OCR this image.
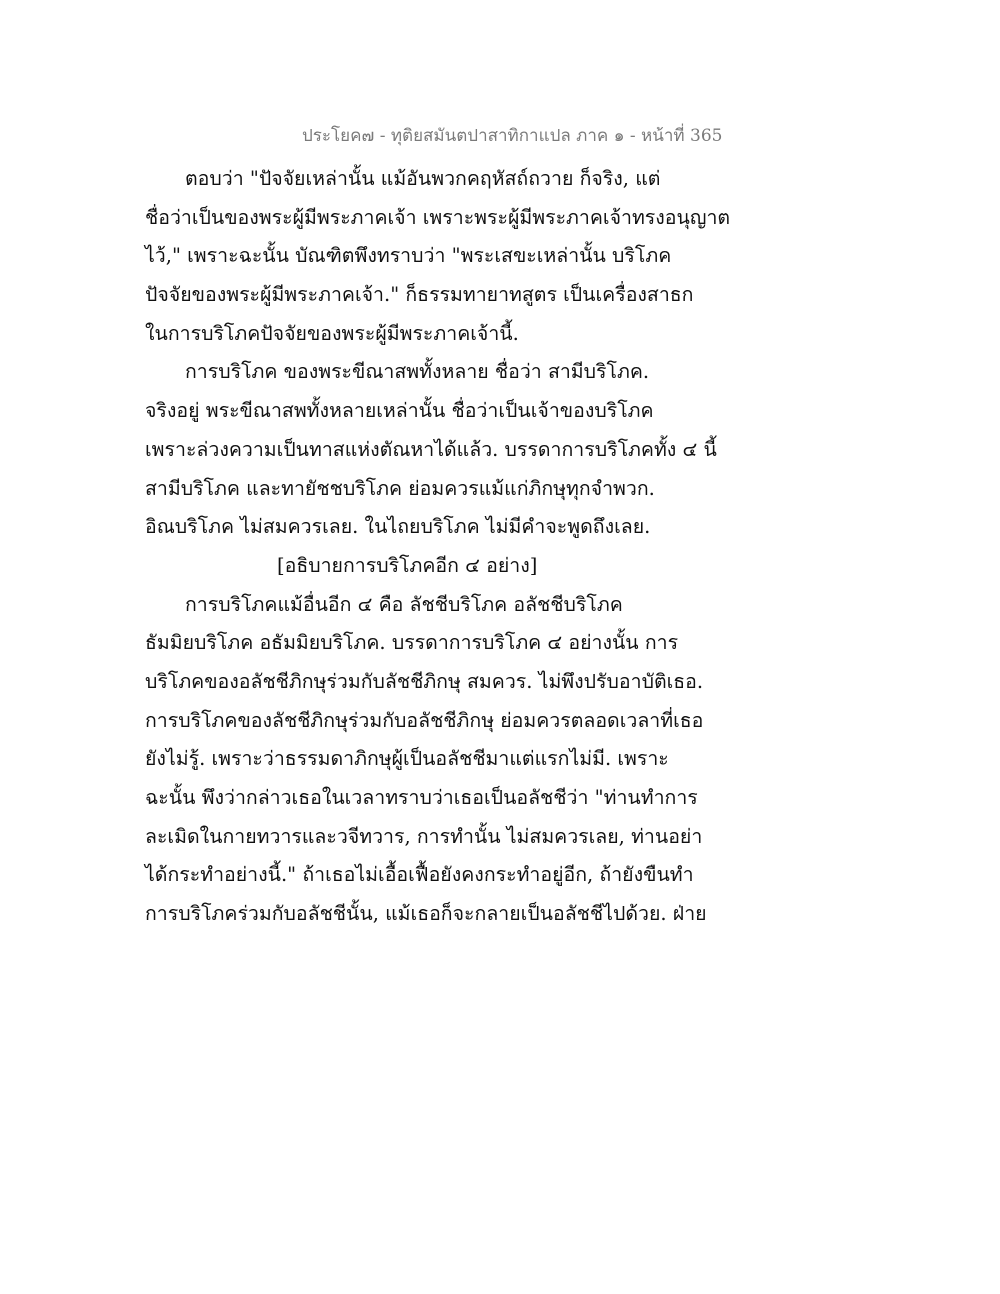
ประโยค๗ - ทุติยสมันตปาสาทิกาแปล ภาค ๑ - หน้าที่ 365
ตอบว่า "ปัจจัยเหล่านั้น แม้อันพวกคฤหัสถ์ถวาย ก็จริง, แต่
ชื่อว่าเป็นของพระผู้มีพระภาคเจ้า เพราะพระผู้มีพระภาคเจ้าทรงอนุญาต
ไว้," เพราะฉะนั้น บัณฑิตพึงทราบว่า "พระเสขะเหล่านั้น บริโภค
ปัจจัยของพระผู้มีพระภาคเจ้า." ก็ธรรมทายาทสูตร เป็นเครื่องสาธก
ในการบริโภคปัจจัยของพระผู้มีพระภาคเจ้านี้.
การบริโภค ของพระขีณาสพทั้งหลาย ชื่อว่า สามีบริโภค.
จริงอยู่ พระขีณาสพทั้งหลายเหล่านั้น ชื่อว่าเป็นเจ้าของบริโภค
เพราะล่วงความเป็นทาสแห่งตัณหาได้แล้ว. บรรดาการบริโภคทั้ง ๔ นี้
สามีบริโภค และทายัชชบริโภค ย่อมควรแม้แก่ภิกษุทุกจำพวก.
อิณบริโภค ไม่สมควรเลย. ในไถยบริโภค ไม่มีคำจะพูดถึงเลย.
[อธิบายการบริโภคอีก ๔ อย่าง]
การบริโภคแม้อื่นอีก ๔ คือ ลัชชีบริโภค อลัชชีบริโภค
ธัมมิยบริโภค อธัมมิยบริโภค. บรรดาการบริโภค ๔ อย่างนั้น การ
บริโภคของอลัชชีภิกษุร่วมกับลัชชีภิกษุ สมควร. ไม่พึงปรับอาบัติเธอ.
การบริโภคของลัชชีภิกษุร่วมกับอลัชชีภิกษุ ย่อมควรตลอดเวลาที่เธอ
ยังไม่รู้. เพราะว่าธรรมดาภิกษุผู้เป็นอลัชชีมาแต่แรกไม่มี. เพราะ
ฉะนั้น พึงว่ากล่าวเธอในเวลาทราบว่าเธอเป็นอลัชชีว่า "ท่านทำการ
ละเมิดในกายทวารและวจีทวาร, การทำนั้น ไม่สมควรเลย, ท่านอย่า
ได้กระทำอย่างนี้." ถ้าเธอไม่เอื้อเฟื้อยังคงกระทำอยู่อีก, ถ้ายังขืนทำ
การบริโภคร่วมกับอลัชชีนั้น, แม้เธอก็จะกลายเป็นอลัชชีไปด้วย. ฝ่าย
